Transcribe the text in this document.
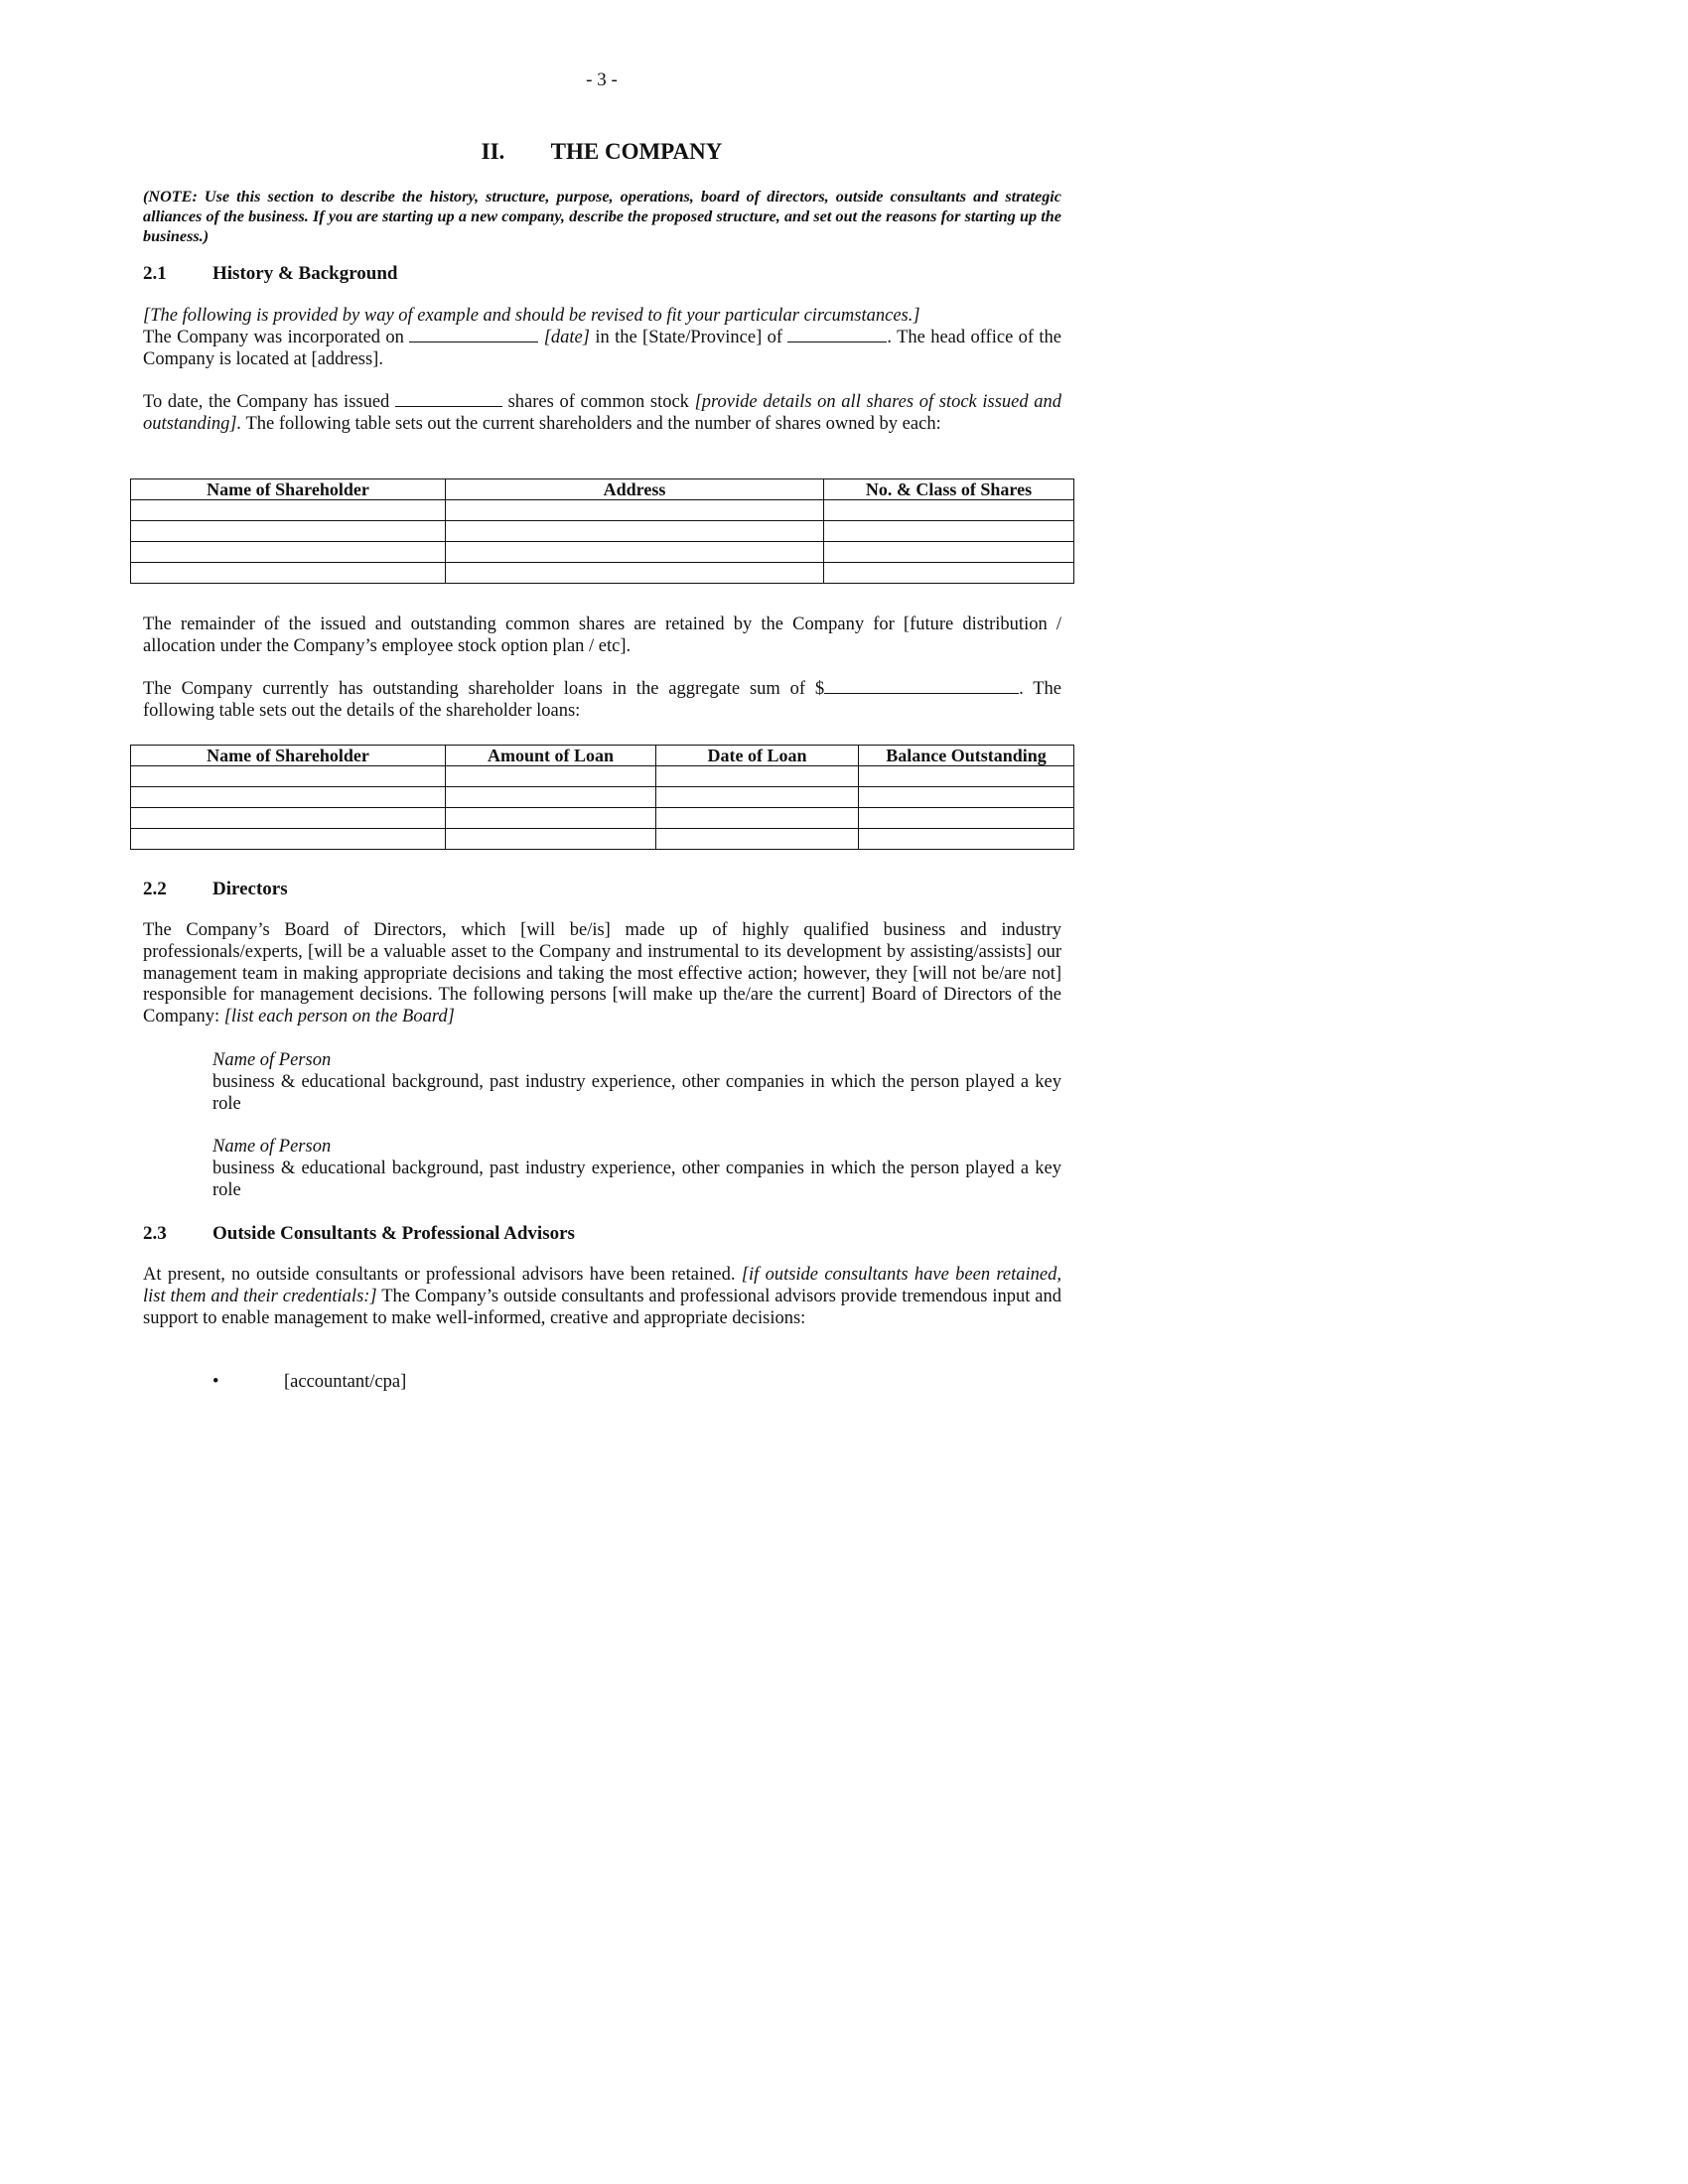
- 3 -
II. THE COMPANY
(NOTE: Use this section to describe the history, structure, purpose, operations, board of directors, outside consultants and strategic alliances of the business. If you are starting up a new company, describe the proposed structure, and set out the reasons for starting up the business.)
2.1 History & Background
[The following is provided by way of example and should be revised to fit your particular circumstances.]
The Company was incorporated on	[date] in the [State/Province] of	. The head office of the Company is located at [address].
To date, the Company has issued	shares of common stock [provide details on all shares of stock issued and outstanding]. The following table sets out the current shareholders and the number of shares owned by each:
Name of Shareholder	Address	No. & Class of Shares

The remainder of the issued and outstanding common shares are retained by the Company for [future distribution / allocation under the Company’s employee stock option plan / etc].
The Company currently has outstanding shareholder loans in the aggregate sum of $	. The following table sets out the details of the shareholder loans:
Name of Shareholder	Amount of Loan	Date of Loan	Balance Outstanding

2.2 Directors
The Company’s Board of Directors, which [will be/is] made up of highly qualified business and industry professionals/experts, [will be a valuable asset to the Company and instrumental to its development by assisting/assists] our management team in making appropriate decisions and taking the most effective action; however, they [will not be/are not] responsible for management decisions. The following persons [will make up the/are the current] Board of Directors of the Company: [list each person on the Board]
Name of Person
business & educational background, past industry experience, other companies in which the person played a key role
Name of Person
business & educational background, past industry experience, other companies in which the person played a key role
2.3 Outside Consultants & Professional Advisors
At present, no outside consultants or professional advisors have been retained. [if outside consultants have been retained, list them and their credentials:] The Company’s outside consultants and professional advisors provide tremendous input and support to enable management to make well-informed, creative and appropriate decisions:
•	[accountant/cpa]
